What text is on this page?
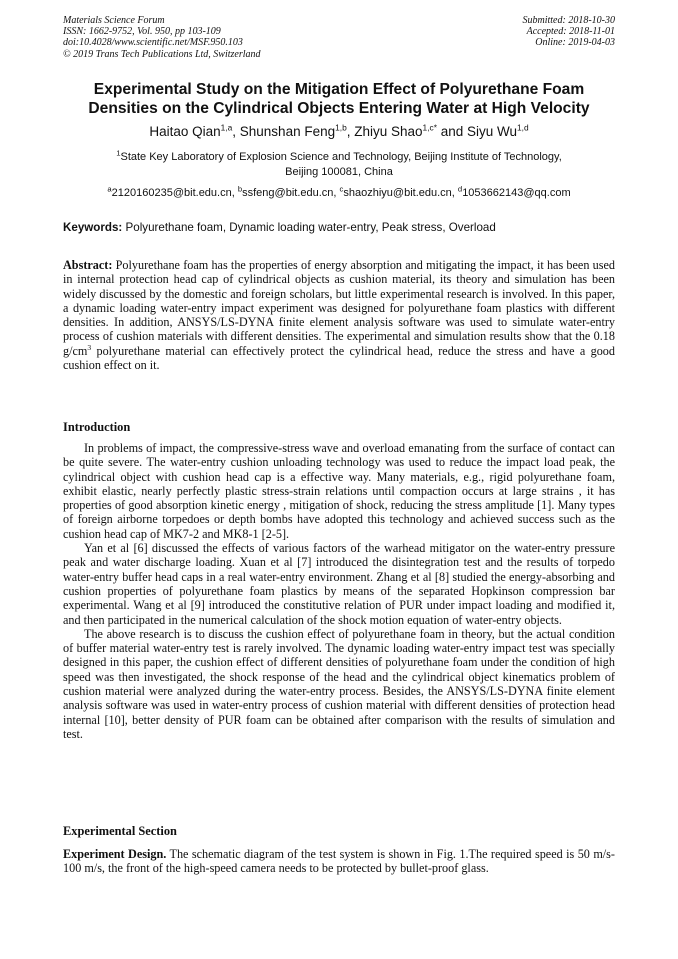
Materials Science Forum
ISSN: 1662-9752, Vol. 950, pp 103-109
doi:10.4028/www.scientific.net/MSF.950.103
© 2019 Trans Tech Publications Ltd, Switzerland
Submitted: 2018-10-30
Accepted: 2018-11-01
Online: 2019-04-03
Experimental Study on the Mitigation Effect of Polyurethane Foam
Densities on the Cylindrical Objects Entering Water at High Velocity
Haitao Qian$^{1,a}$, Shunshan Feng$^{1,b}$, Zhiyu Shao$^{1,c*}$ and Siyu Wu$^{1,d}$
$^1$State Key Laboratory of Explosion Science and Technology, Beijing Institute of Technology,
Beijing 100081, China
$^a$2120160235@bit.edu.cn, $^b$ssfeng@bit.edu.cn, $^c$shaozhiyu@bit.edu.cn, $^d$1053662143@qq.com
Keywords: Polyurethane foam, Dynamic loading water-entry, Peak stress, Overload

Abstract: Polyurethane foam has the properties of energy absorption and mitigating the impact, it has been used in internal protection head cap of cylindrical objects as cushion material, its theory and simulation has been widely discussed by the domestic and foreign scholars, but little experimental research is involved. In this paper, a dynamic loading water-entry impact experiment was designed for polyurethane foam plastics with different densities. In addition, ANSYS/LS-DYNA finite element analysis software was used to simulate water-entry process of cushion materials with different densities. The experimental and simulation results show that the 0.18 $g/cm^3$ polyurethane material can effectively protect the cylindrical head, reduce the stress and have a good cushion effect on it.

Introduction

In problems of impact, the compressive-stress wave and overload emanating from the surface of contact can be quite severe. The water-entry cushion unloading technology was used to reduce the impact load peak, the cylindrical object with cushion head cap is a effective way. Many materials, e.g., rigid polyurethane foam, exhibit elastic, nearly perfectly plastic stress-strain relations until compaction occurs at large strains , it has properties of good absorption kinetic energy , mitigation of shock, reducing the stress amplitude [1]. Many types of foreign airborne torpedoes or depth bombs have adopted this technology and achieved success such as the cushion head cap of MK7-2 and MK8-1 [2-5].

Yan et al [6] discussed the effects of various factors of the warhead mitigator on the water-entry pressure peak and water discharge loading. Xuan et al [7] introduced the disintegration test and the results of torpedo water-entry buffer head caps in a real water-entry environment. Zhang et al [8] studied the energy-absorbing and cushion properties of polyurethane foam plastics by means of the separated Hopkinson compression bar experimental. Wang et al [9] introduced the constitutive relation of PUR under impact loading and modified it, and then participated in the numerical calculation of the shock motion equation of water-entry objects.

The above research is to discuss the cushion effect of polyurethane foam in theory, but the actual condition of buffer material water-entry test is rarely involved. The dynamic loading water-entry impact test was specially designed in this paper, the cushion effect of different densities of polyurethane foam under the condition of high speed was then investigated, the shock response of the head and the cylindrical object kinematics problem of cushion material were analyzed during the water-entry process. Besides, the ANSYS/LS-DYNA finite element analysis software was used in water-entry process of cushion material with different densities of protection head internal [10], better density of PUR foam can be obtained after comparison with the results of simulation and test.

Experimental Section

Experiment Design. The schematic diagram of the test system is shown in Fig. 1.The required speed is 50 m/s-100 m/s, the front of the high-speed camera needs to be protected by bullet-proof glass.
